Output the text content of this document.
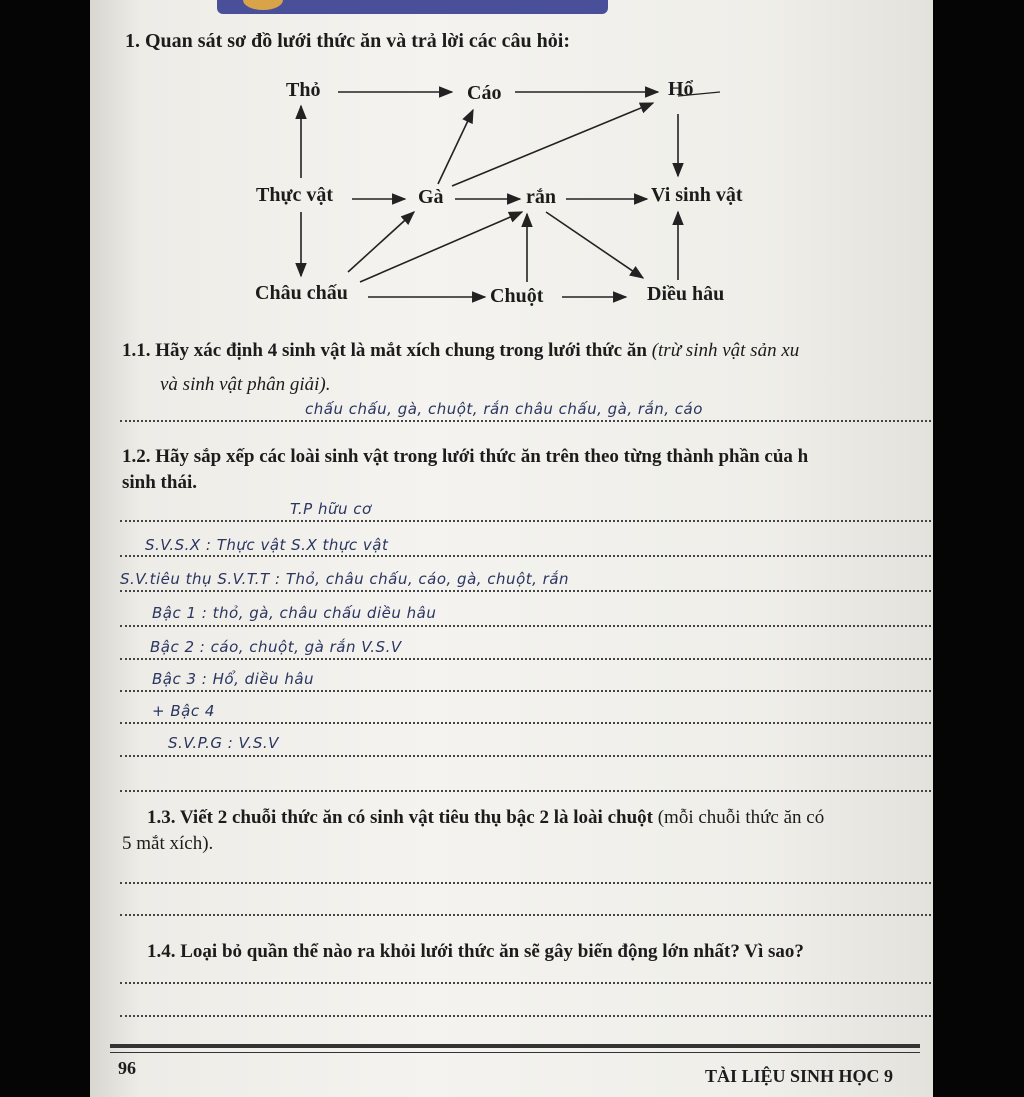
1. Quan sát sơ đồ lưới thức ăn và trả lời các câu hỏi:
Thỏ	Cáo	Hổ
Thực vật	Gà	rắn	Vi sinh vật
Châu chấu	Chuột	Diều hâu
1.1. Hãy xác định 4 sinh vật là mắt xích chung trong lưới thức ăn (trừ sinh vật sản xu
và sinh vật phân giải).
chấu chấu, gà, chuột, rắn châu chấu, gà, rắn, cáo
1.2. Hãy sắp xếp các loài sinh vật trong lưới thức ăn trên theo từng thành phần của h
sinh thái.
T.P hữu cơ
S.V.S.X : Thực vật S.X thực vật
S.V.tiêu thụ S.V.T.T : Thỏ, châu chấu, cáo, gà, chuột, rắn
Bậc 1 : thỏ, gà, châu chấu diều hâu
Bậc 2 : cáo, chuột, gà rắn V.S.V
Bậc 3 : Hổ, diều hâu
+ Bậc 4
S.V.P.G : V.S.V
1.3. Viết 2 chuỗi thức ăn có sinh vật tiêu thụ bậc 2 là loài chuột (mỗi chuỗi thức ăn có
5 mắt xích).
1.4. Loại bỏ quần thể nào ra khỏi lưới thức ăn sẽ gây biến động lớn nhất? Vì sao?
96	TÀI LIỆU SINH HỌC 9
